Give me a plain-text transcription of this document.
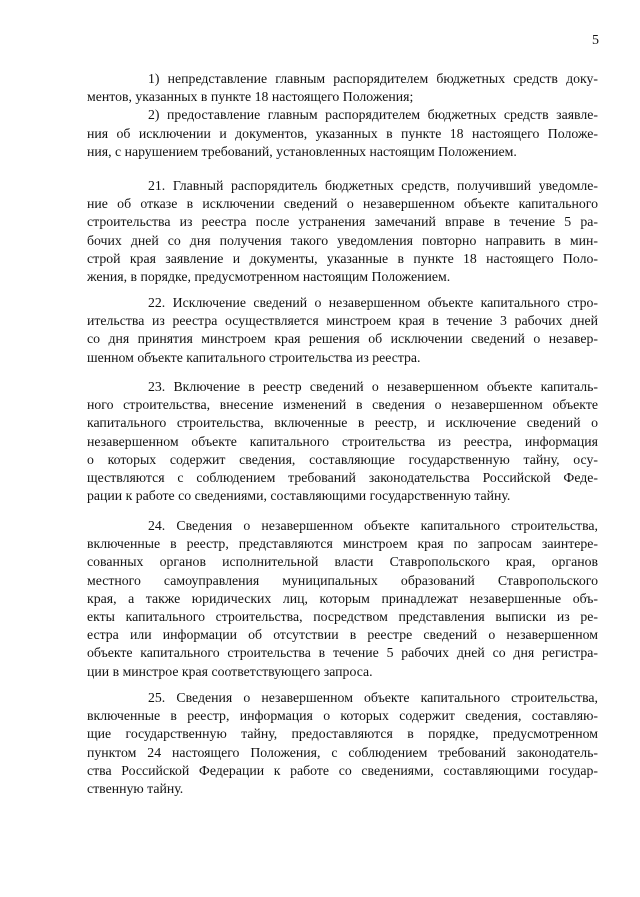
5
1) непредставление главным распорядителем бюджетных средств доку-
ментов, указанных в пункте 18 настоящего Положения;
2) предоставление главным распорядителем бюджетных средств заявле-
ния об исключении и документов, указанных в пункте 18 настоящего Положе-
ния, с нарушением требований, установленных настоящим Положением.
21. Главный распорядитель бюджетных средств, получивший уведомле-
ние об отказе в исключении сведений о незавершенном объекте капитального
строительства из реестра после устранения замечаний вправе в течение 5 ра-
бочих дней со дня получения такого уведомления повторно направить в мин-
строй края заявление и документы, указанные в пункте 18 настоящего Поло-
жения, в порядке, предусмотренном настоящим Положением.
22. Исключение сведений о незавершенном объекте капитального стро-
ительства из реестра осуществляется минстроем края в течение 3 рабочих дней
со дня принятия минстроем края решения об исключении сведений о незавер-
шенном объекте капитального строительства из реестра.
23. Включение в реестр сведений о незавершенном объекте капиталь-
ного строительства, внесение изменений в сведения о незавершенном объекте
капитального строительства, включенные в реестр, и исключение сведений о
незавершенном объекте капитального строительства из реестра, информация
о которых содержит сведения, составляющие государственную тайну, осу-
ществляются с соблюдением требований законодательства Российской Феде-
рации к работе со сведениями, составляющими государственную тайну.
24. Сведения о незавершенном объекте капитального строительства,
включенные в реестр, представляются минстроем края по запросам заинтере-
сованных органов исполнительной власти Ставропольского края, органов
местного самоуправления муниципальных образований Ставропольского
края, а также юридических лиц, которым принадлежат незавершенные объ-
екты капитального строительства, посредством представления выписки из ре-
естра или информации об отсутствии в реестре сведений о незавершенном
объекте капитального строительства в течение 5 рабочих дней со дня регистра-
ции в минстрое края соответствующего запроса.
25. Сведения о незавершенном объекте капитального строительства,
включенные в реестр, информация о которых содержит сведения, составляю-
щие государственную тайну, предоставляются в порядке, предусмотренном
пунктом 24 настоящего Положения, с соблюдением требований законодатель-
ства Российской Федерации к работе со сведениями, составляющими государ-
ственную тайну.
